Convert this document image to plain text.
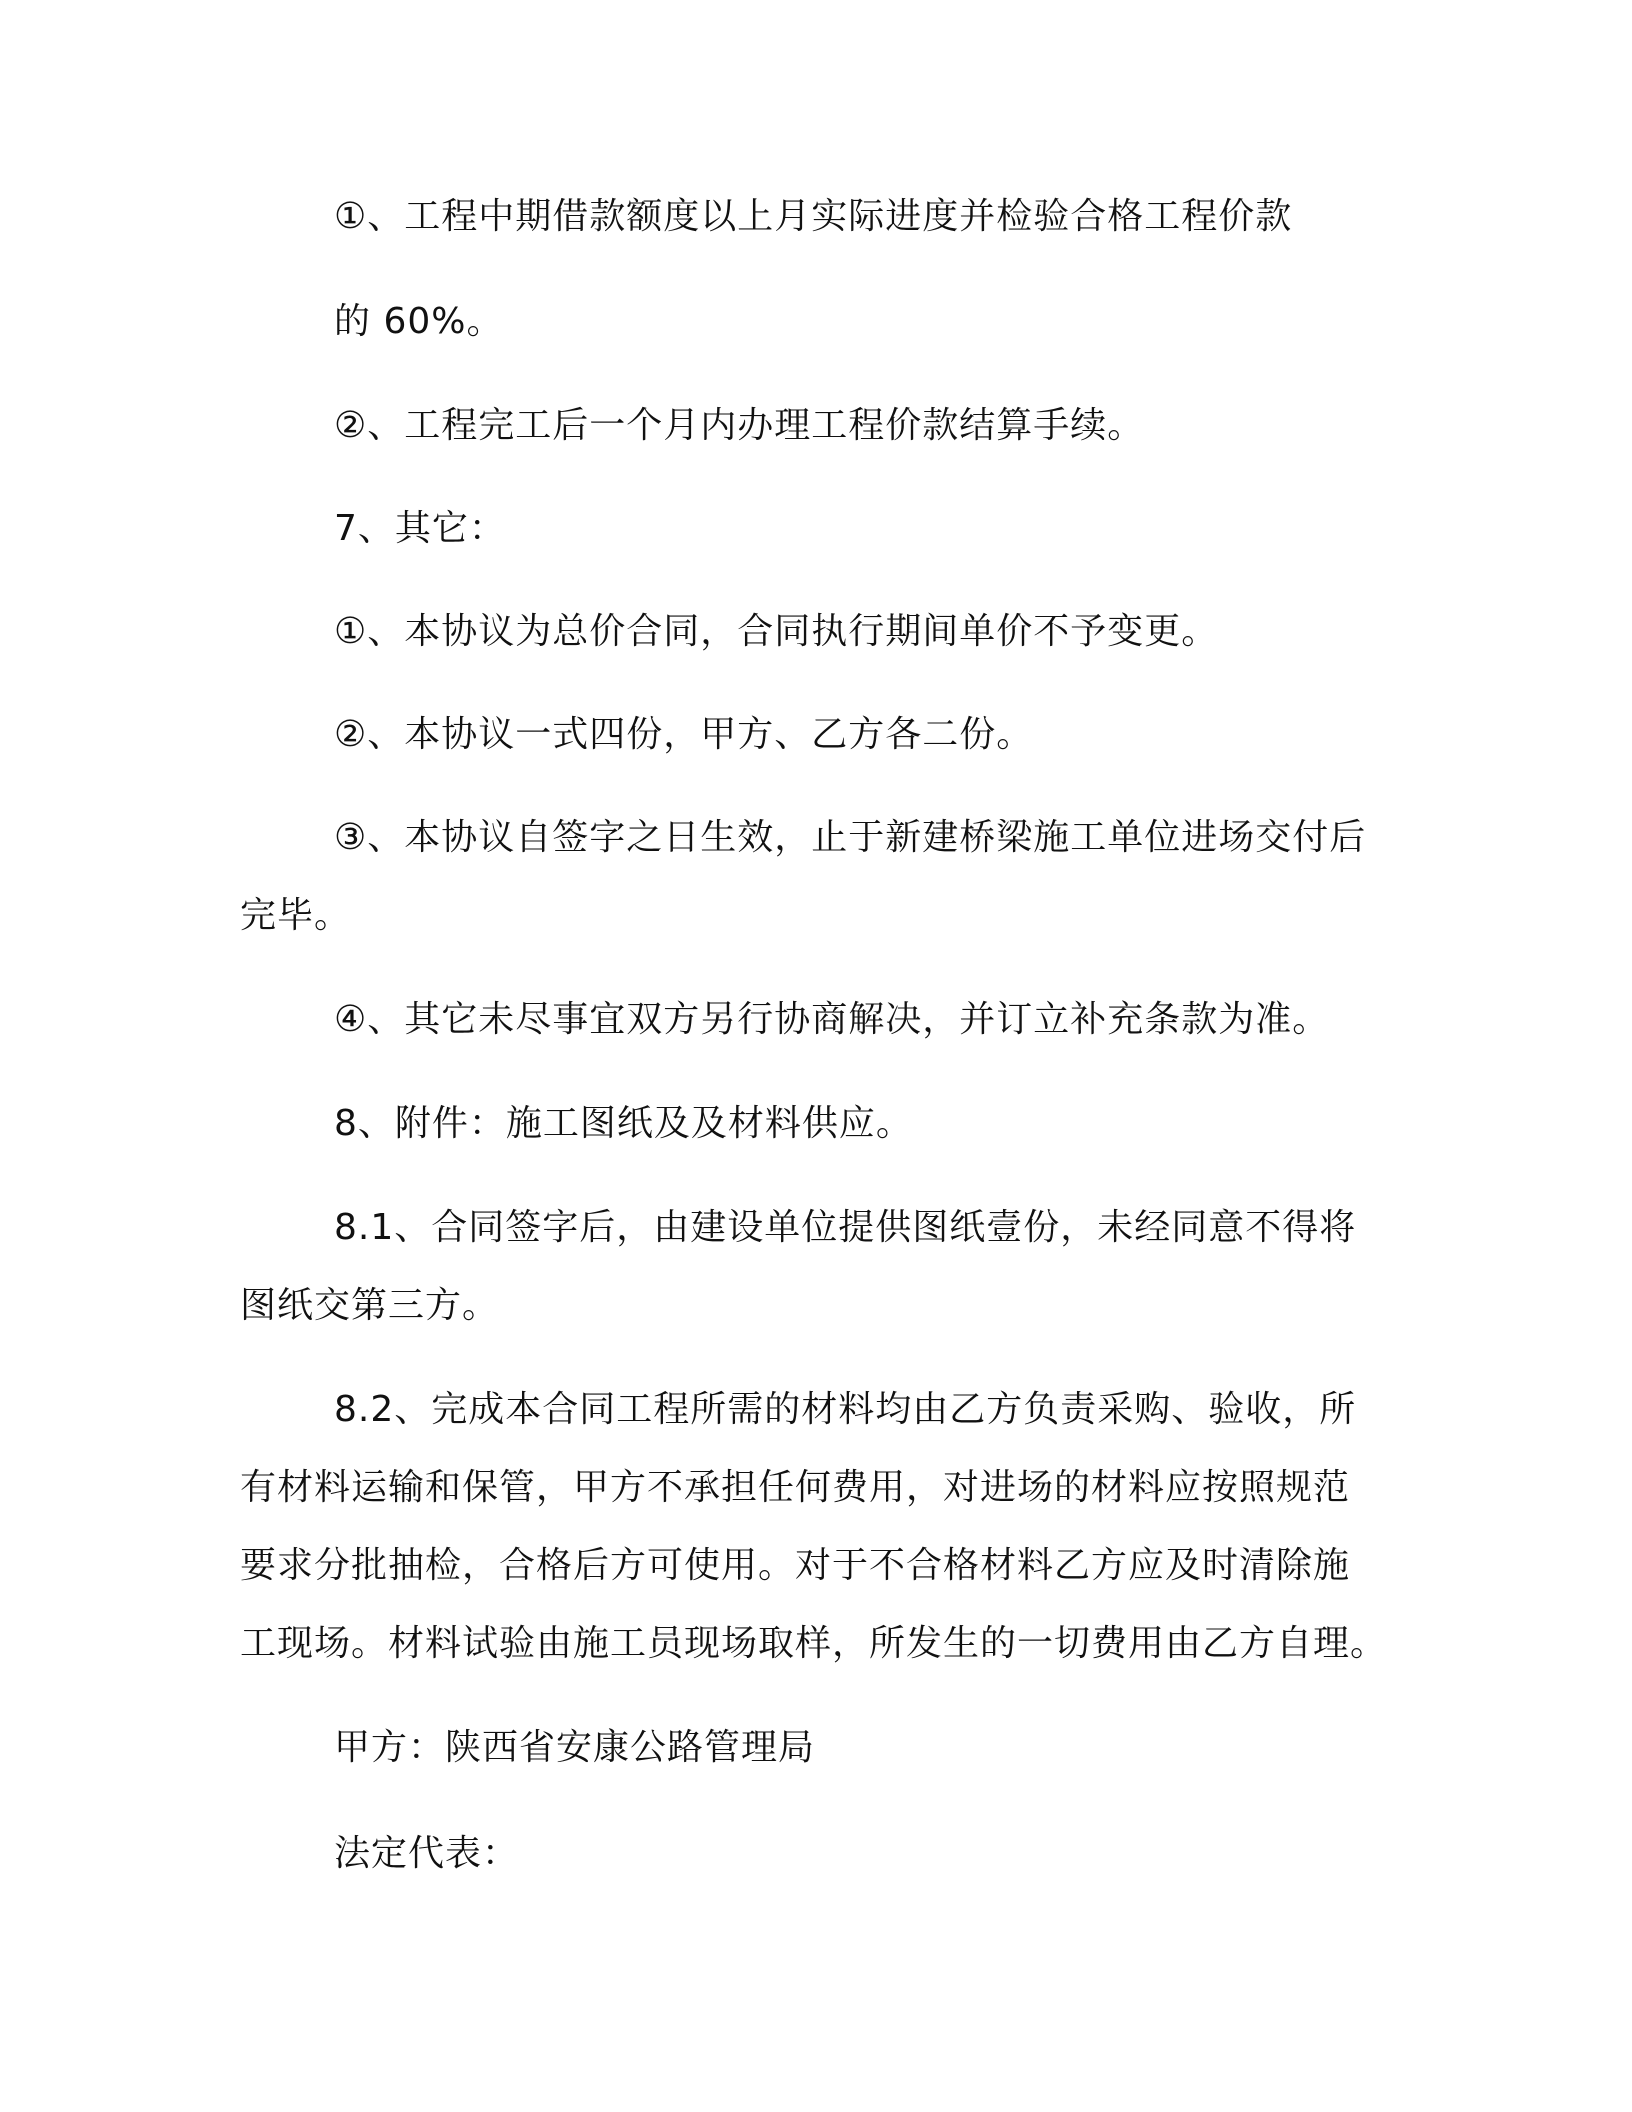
①、工程中期借款额度以上月实际进度并检验合格工程价款
的 60%。
②、工程完工后一个月内办理工程价款结算手续。
7、其它：
①、本协议为总价合同，合同执行期间单价不予变更。
②、本协议一式四份，甲方、乙方各二份。
③、本协议自签字之日生效，止于新建桥梁施工单位进场交付后
完毕。
④、其它未尽事宜双方另行协商解决，并订立补充条款为准。
8、附件：施工图纸及及材料供应。
8.1、合同签字后，由建设单位提供图纸壹份，未经同意不得将
图纸交第三方。
8.2、完成本合同工程所需的材料均由乙方负责采购、验收，所
有材料运输和保管，甲方不承担任何费用，对进场的材料应按照规范
要求分批抽检，合格后方可使用。对于不合格材料乙方应及时清除施
工现场。材料试验由施工员现场取样，所发生的一切费用由乙方自理。
甲方：陕西省安康公路管理局
法定代表：
